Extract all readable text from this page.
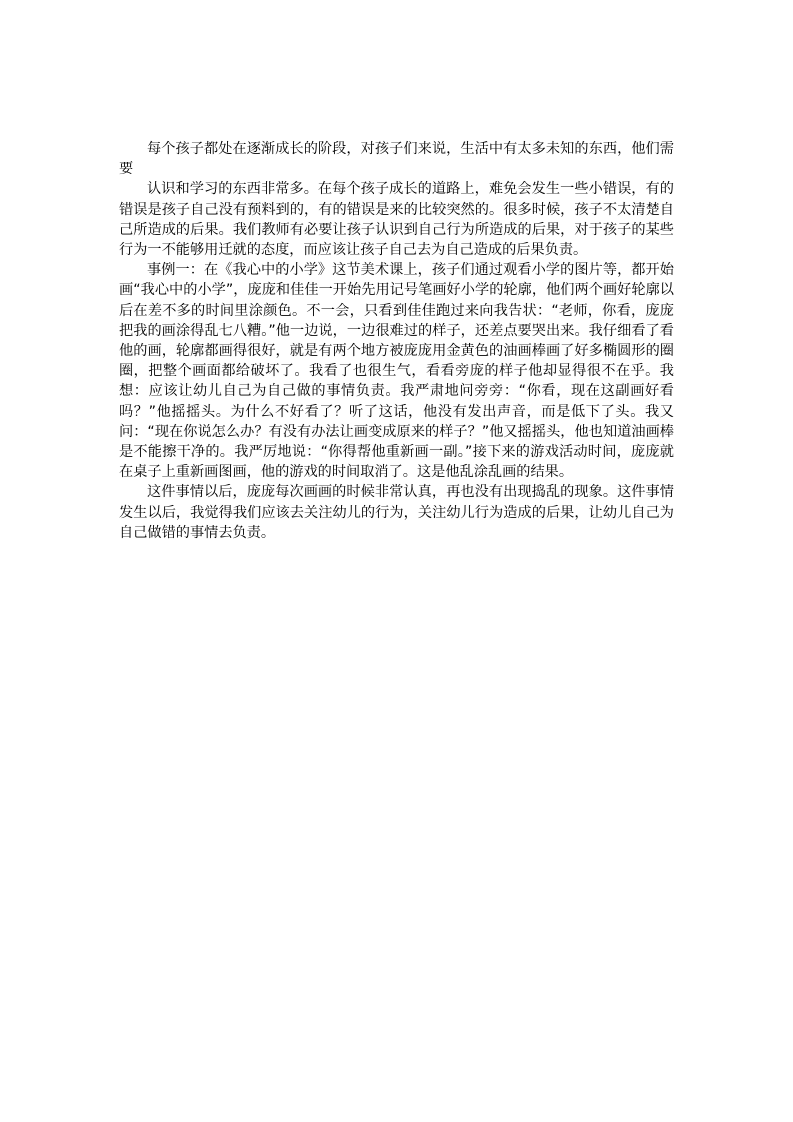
每个孩子都处在逐渐成长的阶段，对孩子们来说，生活中有太多未知的东西，他们需要

认识和学习的东西非常多。在每个孩子成长的道路上，难免会发生一些小错误，有的错误是孩子自己没有预料到的，有的错误是来的比较突然的。很多时候，孩子不太清楚自己所造成的后果。我们教师有必要让孩子认识到自己行为所造成的后果，对于孩子的某些行为一不能够用迁就的态度，而应该让孩子自己去为自己造成的后果负责。

事例一：在《我心中的小学》这节美术课上，孩子们通过观看小学的图片等，都开始画“我心中的小学”，庞庞和佳佳一开始先用记号笔画好小学的轮廓，他们两个画好轮廓以后在差不多的时间里涂颜色。不一会，只看到佳佳跑过来向我告状：“老师，你看，庞庞把我的画涂得乱七八糟。”他一边说，一边很难过的样子，还差点要哭出来。我仔细看了看他的画，轮廓都画得很好，就是有两个地方被庞庞用金黄色的油画棒画了好多椭圆形的圈圈，把整个画面都给破坏了。我看了也很生气，看看旁庞的样子他却显得很不在乎。我想：应该让幼儿自己为自己做的事情负责。我严肃地问旁旁：“你看，现在这副画好看吗？”他摇摇头。为什么不好看了？听了这话，他没有发出声音，而是低下了头。我又问：“现在你说怎么办？有没有办法让画变成原来的样子？”他又摇摇头，他也知道油画棒是不能擦干净的。我严厉地说：“你得帮他重新画一副。”接下来的游戏活动时间，庞庞就在桌子上重新画图画，他的游戏的时间取消了。这是他乱涂乱画的结果。

这件事情以后，庞庞每次画画的时候非常认真，再也没有出现捣乱的现象。这件事情发生以后，我觉得我们应该去关注幼儿的行为，关注幼儿行为造成的后果，让幼儿自己为自己做错的事情去负责。
